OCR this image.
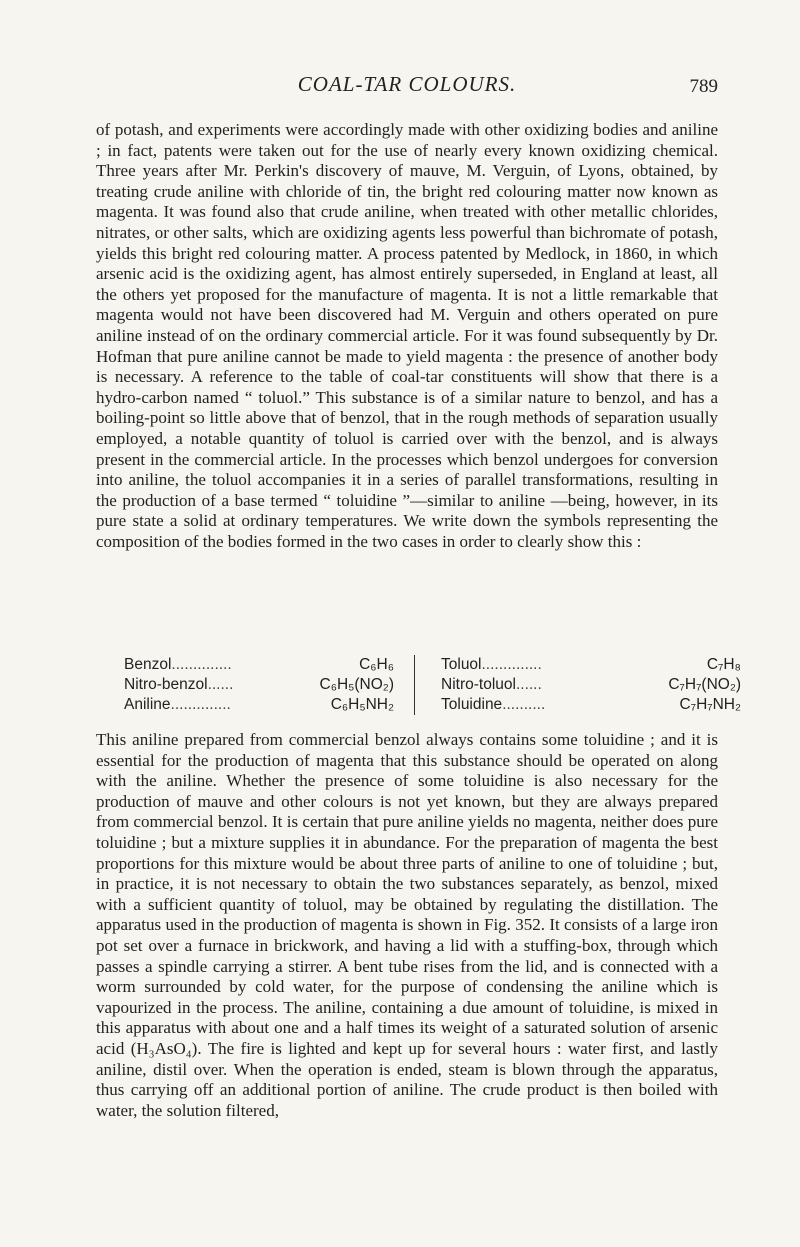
COAL-TAR COLOURS.	789

of potash, and experiments were accordingly made with other oxidizing bodies and aniline ; in fact, patents were taken out for the use of nearly every known oxidizing chemical. Three years after Mr. Perkin's discovery of mauve, M. Verguin, of Lyons, obtained, by treating crude aniline with chloride of tin, the bright red colouring matter now known as magenta. It was found also that crude aniline, when treated with other metallic chlorides, nitrates, or other salts, which are oxidizing agents less powerful than bichromate of potash, yields this bright red colouring matter. A process patented by Medlock, in 1860, in which arsenic acid is the oxidizing agent, has almost entirely superseded, in England at least, all the others yet proposed for the manufacture of magenta. It is not a little remarkable that magenta would not have been discovered had M. Verguin and others operated on pure aniline instead of on the ordinary commercial article. For it was found subsequently by Dr. Hofman that pure aniline cannot be made to yield magenta : the presence of another body is necessary. A reference to the table of coal-tar constituents will show that there is a hydro-carbon named “ toluol.” This substance is of a similar nature to benzol, and has a boiling-point so little above that of benzol, that in the rough methods of separation usually employed, a notable quantity of toluol is carried over with the benzol, and is always present in the commercial article. In the processes which benzol undergoes for conversion into aniline, the toluol accompanies it in a series of parallel transformations, resulting in the production of a base termed “ toluidine ”—similar to aniline —being, however, in its pure state a solid at ordinary temperatures. We write down the symbols representing the composition of the bodies formed in the two cases in order to clearly show this :

Benzol ..............	C₆H₆
Nitro-benzol ......	C₆H₅(NO₂)
Aniline ..............	C₆H₅NH₂
Toluol ..............	C₇H₈
Nitro-toluol ......	C₇H₇(NO₂)
Toluidine ..........	C₇H₇NH₂

This aniline prepared from commercial benzol always contains some toluidine ; and it is essential for the production of magenta that this substance should be operated on along with the aniline. Whether the presence of some toluidine is also necessary for the production of mauve and other colours is not yet known, but they are always prepared from commercial benzol. It is certain that pure aniline yields no magenta, neither does pure toluidine ; but a mixture supplies it in abundance. For the preparation of magenta the best proportions for this mixture would be about three parts of aniline to one of toluidine ; but, in practice, it is not necessary to obtain the two substances separately, as benzol, mixed with a sufficient quantity of toluol, may be obtained by regulating the distillation. The apparatus used in the production of magenta is shown in Fig. 352. It consists of a large iron pot set over a furnace in brickwork, and having a lid with a stuffing-box, through which passes a spindle carrying a stirrer. A bent tube rises from the lid, and is connected with a worm surrounded by cold water, for the purpose of condensing the aniline which is vapourized in the process. The aniline, containing a due amount of toluidine, is mixed in this apparatus with about one and a half times its weight of a saturated solution of arsenic acid (H₃AsO₄). The fire is lighted and kept up for several hours : water first, and lastly aniline, distil over. When the operation is ended, steam is blown through the apparatus, thus carrying off an additional portion of aniline. The crude product is then boiled with water, the solution filtered,
